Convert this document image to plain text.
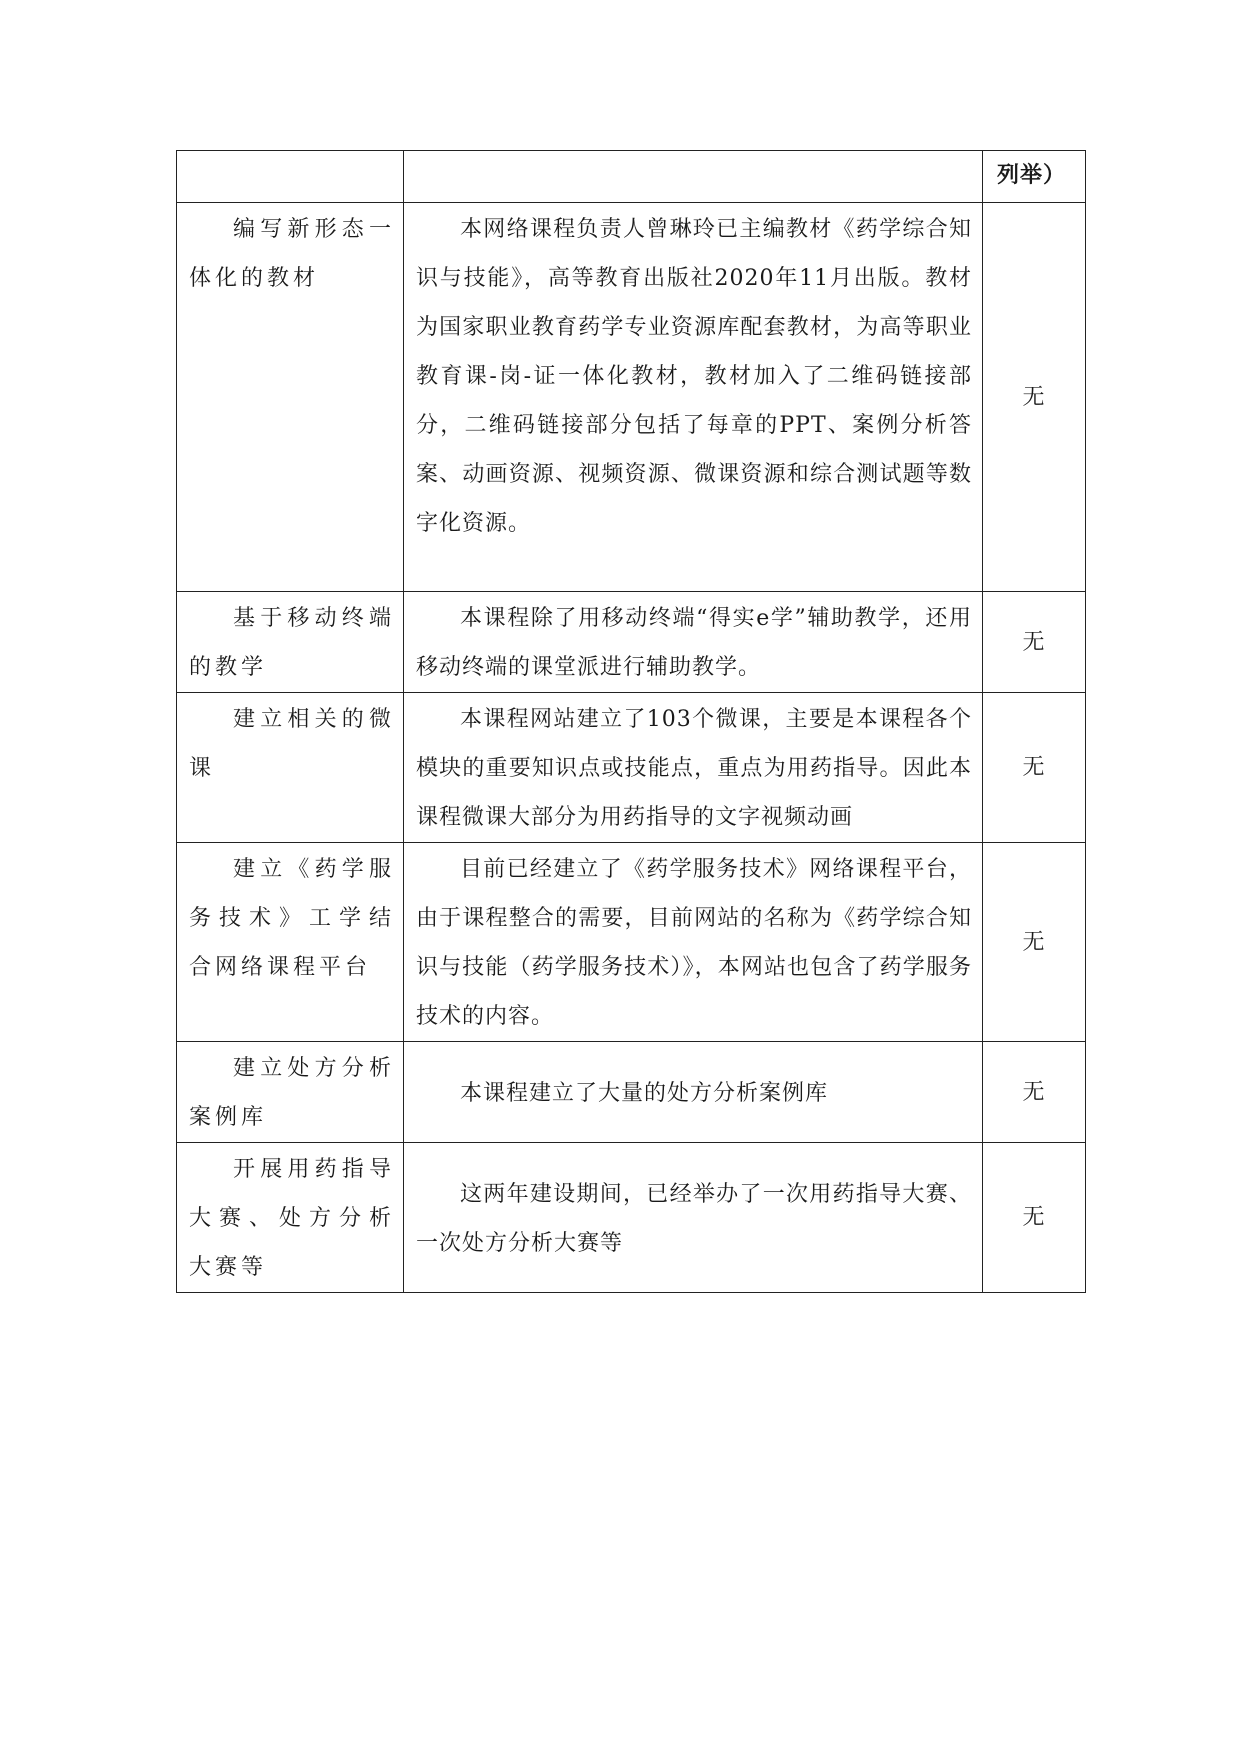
		列举）
编写新形态一体化的教材	本网络课程负责人曾琳玲已主编教材《药学综合知识与技能》，高等教育出版社2020年11月出版。教材为国家职业教育药学专业资源库配套教材，为高等职业教育课-岗-证一体化教材，教材加入了二维码链接部分，二维码链接部分包括了每章的PPT、案例分析答案、动画资源、视频资源、微课资源和综合测试题等数字化资源。	无
基于移动终端的教学	本课程除了用移动终端“得实e学”辅助教学，还用移动终端的课堂派进行辅助教学。	无
建立相关的微课	本课程网站建立了103个微课，主要是本课程各个模块的重要知识点或技能点，重点为用药指导。因此本课程微课大部分为用药指导的文字视频动画	无
建立《药学服务技术》工学结合网络课程平台	目前已经建立了《药学服务技术》网络课程平台，由于课程整合的需要，目前网站的名称为《药学综合知识与技能（药学服务技术）》，本网站也包含了药学服务技术的内容。	无
建立处方分析案例库	本课程建立了大量的处方分析案例库	无
开展用药指导大赛、处方分析大赛等	这两年建设期间，已经举办了一次用药指导大赛、一次处方分析大赛等	无
